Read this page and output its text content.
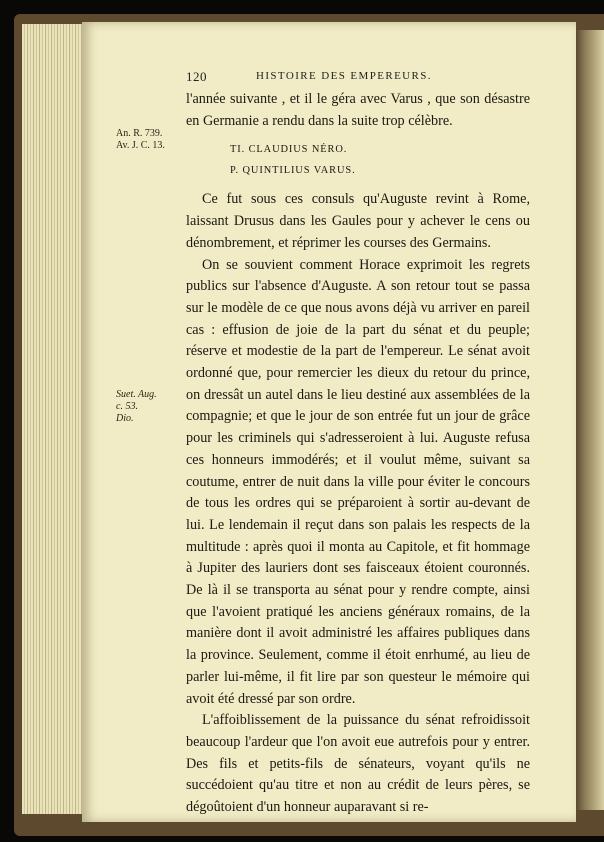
120	HISTOIRE DES EMPEREURS.
An. R. 739.
Av. J. C. 13.
Suet. Aug.
c. 53.
Dio.

l'année suivante , et il le géra avec Varus , que son désastre en Germanie a rendu dans la suite trop célèbre.

TI. CLAUDIUS NÉRO.
P. QUINTILIUS VARUS.

Ce fut sous ces consuls qu'Auguste revint à Rome, laissant Drusus dans les Gaules pour y achever le cens ou dénombrement, et réprimer les courses des Germains.

On se souvient comment Horace exprimoit les regrets publics sur l'absence d'Auguste. A son retour tout se passa sur le modèle de ce que nous avons déjà vu arriver en pareil cas : effusion de joie de la part du sénat et du peuple; réserve et modestie de la part de l'empereur. Le sénat avoit ordonné que, pour remercier les dieux du retour du prince, on dressât un autel dans le lieu destiné aux assemblées de la compagnie; et que le jour de son entrée fut un jour de grâce pour les criminels qui s'adresseroient à lui. Auguste refusa ces honneurs immodérés; et il voulut même, suivant sa coutume, entrer de nuit dans la ville pour éviter le concours de tous les ordres qui se préparoient à sortir au-devant de lui. Le lendemain il reçut dans son palais les respects de la multitude : après quoi il monta au Capitole, et fit hommage à Jupiter des lauriers dont ses faisceaux étoient couronnés. De là il se transporta au sénat pour y rendre compte, ainsi que l'avoient pratiqué les anciens généraux romains, de la manière dont il avoit administré les affaires publiques dans la province. Seulement, comme il étoit enrhumé, au lieu de parler lui-même, il fit lire par son questeur le mémoire qui avoit été dressé par son ordre.

L'affoiblissement de la puissance du sénat refroidissoit beaucoup l'ardeur que l'on avoit eue autrefois pour y entrer. Des fils et petits-fils de sénateurs, voyant qu'ils ne succédoient qu'au titre et non au crédit de leurs pères, se dégoûtoient d'un honneur auparavant si re-
